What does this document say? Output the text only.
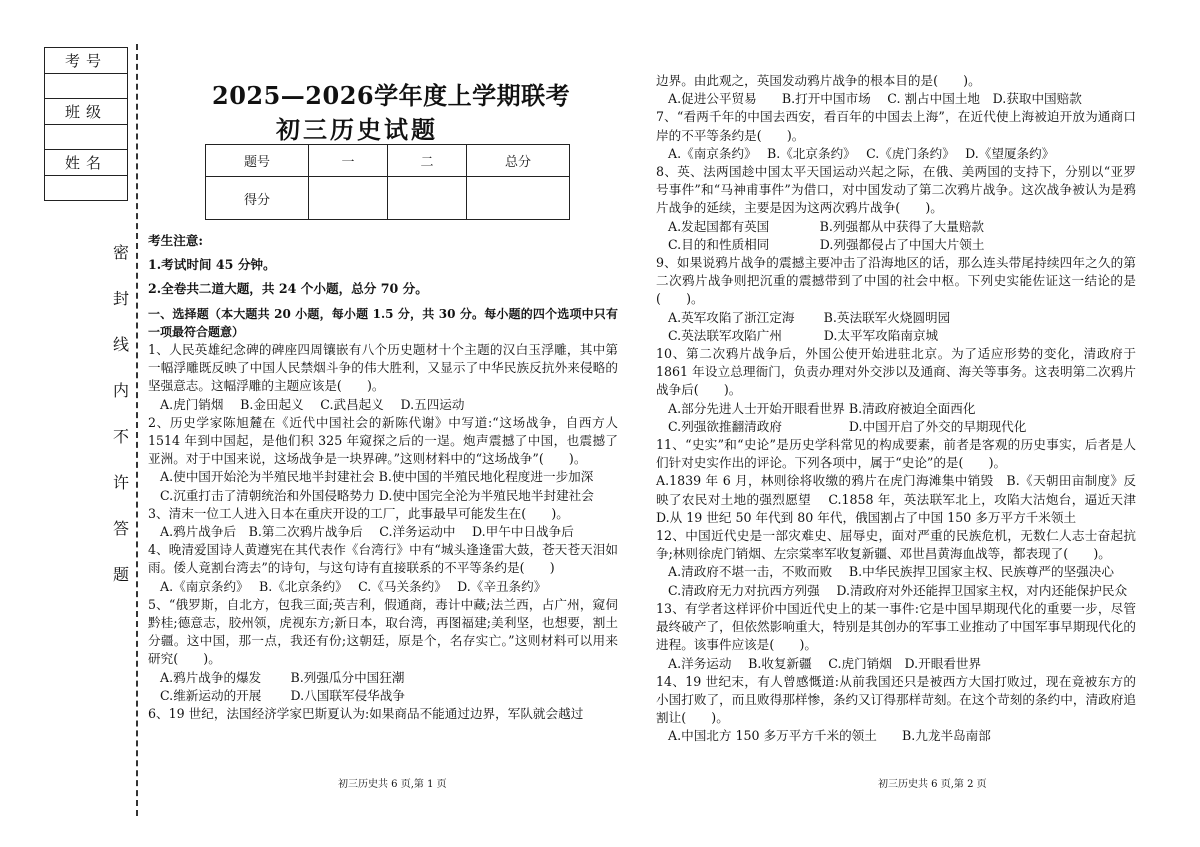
考号
班级
姓名
密
封
线
内
不
许
答
题
2025—2026学年度上学期联考
初三历史试题
题号	一	二	总分
得分			

考生注意:

1.考试时间 45 分钟。

2.全卷共二道大题，共 24 个小题，总分 70 分。

一、选择题（本大题共 20 小题，每小题 1.5 分，共 30 分。每小题的四个选项中只有一项最符合题意）

1、人民英雄纪念碑的碑座四周镶嵌有八个历史题材十个主题的汉白玉浮雕，其中第一幅浮雕既反映了中国人民禁烟斗争的伟大胜利，又显示了中华民族反抗外来侵略的坚强意志。这幅浮雕的主题应该是(　　)。

A.虎门销烟　 B.金田起义　 C.武昌起义　 D.五四运动

2、历史学家陈旭麓在《近代中国社会的新陈代谢》中写道:“这场战争，自西方人 1514 年到中国起，是他们积 325 年窥探之后的一逞。炮声震撼了中国，也震撼了亚洲。对于中国来说，这场战争是一块界碑。”这则材料中的“这场战争”(　　)。

A.使中国开始沦为半殖民地半封建社会 B.使中国的半殖民地化程度进一步加深

C.沉重打击了清朝统治和外国侵略势力 D.使中国完全沦为半殖民地半封建社会

3、清末一位工人进入日本在重庆开设的工厂，此事最早可能发生在(　　)。

A.鸦片战争后　B.第二次鸦片战争后　 C.洋务运动中　 D.甲午中日战争后

4、晚清爱国诗人黄遵宪在其代表作《台湾行》中有“城头逢逢雷大鼓，苍天苍天泪如雨。倭人竟割台湾去”的诗句，与这句诗有直接联系的不平等条约是(　　)

A.《南京条约》　 B.《北京条约》　 C.《马关条约》　 D.《辛丑条约》

5、“俄罗斯，自北方，包我三面;英吉利，假通商，毒计中藏;法兰西，占广州，窥伺黔桂;德意志，胶州领，虎视东方;新日本，取台湾，再图福建;美利坚，也想要，割土分疆。这中国，那一点，我还有份;这朝廷，原是个，名存实亡。”这则材料可以用来研究(　　)。

A.鸦片战争的爆发　　 B.列强瓜分中国狂潮

C.维新运动的开展　　 D.八国联军侵华战争

6、19 世纪，法国经济学家巴斯夏认为:如果商品不能通过边界，军队就会越过

边界。由此观之，英国发动鸦片战争的根本目的是(　　)。

A.促进公平贸易　　B.打开中国市场　 C. 割占中国土地　D.获取中国赔款

7、“看两千年的中国去西安，看百年的中国去上海”，在近代使上海被迫开放为通商口岸的不平等条约是(　　)。

A.《南京条约》　 B.《北京条约》　 C.《虎门条约》　 D.《望厦条约》

8、英、法两国趁中国太平天国运动兴起之际，在俄、美两国的支持下，分别以“亚罗号事件”和“马神甫事件”为借口，对中国发动了第二次鸦片战争。这次战争被认为是鸦片战争的延续，主要是因为这两次鸦片战争(　　)。

A.发起国都有英国　　　　B.列强都从中获得了大量赔款

C.目的和性质相同　　　　D.列强都侵占了中国大片领土

9、如果说鸦片战争的震撼主要冲击了沿海地区的话，那么连头带尾持续四年之久的第二次鸦片战争则把沉重的震撼带到了中国的社会中枢。下列史实能佐证这一结论的是(　　)。

A.英军攻陷了浙江定海　　 B.英法联军火烧圆明园

C.英法联军攻陷广州　　　 D.太平军攻陷南京城

10、第二次鸦片战争后，外国公使开始进驻北京。为了适应形势的变化，清政府于 1861 年设立总理衙门，负责办理对外交涉以及通商、海关等事务。这表明第二次鸦片战争后(　　)。

A.部分先进人士开始开眼看世界 B.清政府被迫全面西化

C.列强欲推翻清政府　　　　　 D.中国开启了外交的早期现代化

11、“史实”和“史论”是历史学科常见的构成要素，前者是客观的历史事实，后者是人们针对史实作出的评论。下列各项中，属于“史论”的是(　　)。

A.1839 年 6 月，林则徐将收缴的鸦片在虎门海滩集中销毁　B.《天朝田亩制度》反映了农民对土地的强烈愿望　 C.1858 年，英法联军北上，攻陷大沽炮台，逼近天津　D.从 19 世纪 50 年代到 80 年代，俄国割占了中国 150 多万平方千米领土

12、中国近代史是一部灾难史、屈辱史，面对严重的民族危机，无数仁人志士奋起抗争;林则徐虎门销烟、左宗棠率军收复新疆、邓世昌黄海血战等，都表现了(　　)。

A.清政府不堪一击，不败而败　 B.中华民族捍卫国家主权、民族尊严的坚强决心

C.清政府无力对抗西方列强　 D.清政府对外还能捍卫国家主权，对内还能保护民众

13、有学者这样评价中国近代史上的某一事件:它是中国早期现代化的重要一步，尽管最终破产了，但依然影响重大，特别是其创办的军事工业推动了中国军事早期现代化的进程。该事件应该是(　　)。

A.洋务运动　 B.收复新疆　 C.虎门销烟　D.开眼看世界

14、19 世纪末，有人曾感慨道:从前我国还只是被西方大国打败过，现在竟被东方的小国打败了，而且败得那样惨，条约又订得那样苛刻。在这个苛刻的条约中，清政府追割让(　　)。

A.中国北方 150 多万平方千米的领土　　B.九龙半岛南部

初三历史共 6 页,第 1 页	初三历史共 6 页,第 2 页
